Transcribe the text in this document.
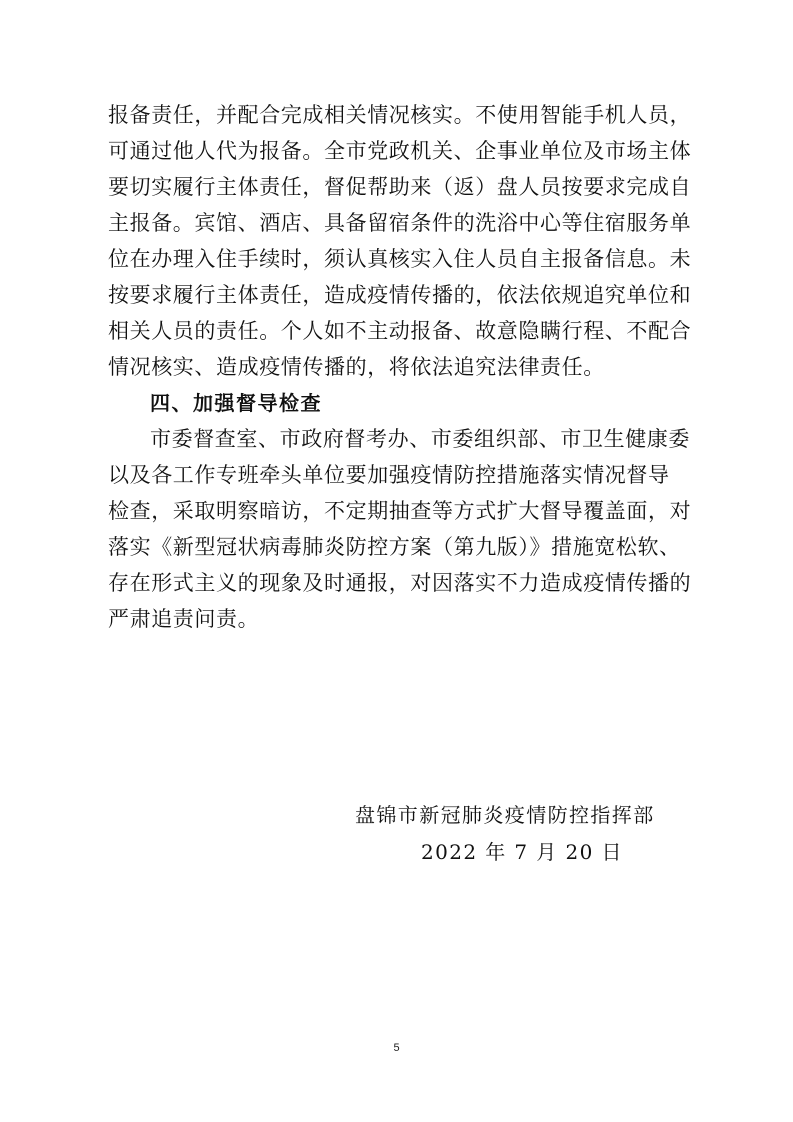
报备责任，并配合完成相关情况核实。不使用智能手机人员，
可通过他人代为报备。全市党政机关、企事业单位及市场主体
要切实履行主体责任，督促帮助来（返）盘人员按要求完成自
主报备。宾馆、酒店、具备留宿条件的洗浴中心等住宿服务单
位在办理入住手续时，须认真核实入住人员自主报备信息。未
按要求履行主体责任，造成疫情传播的，依法依规追究单位和
相关人员的责任。个人如不主动报备、故意隐瞒行程、不配合
情况核实、造成疫情传播的，将依法追究法律责任。
四、加强督导检查
市委督查室、市政府督考办、市委组织部、市卫生健康委
以及各工作专班牵头单位要加强疫情防控措施落实情况督导
检查，采取明察暗访，不定期抽查等方式扩大督导覆盖面，对
落实《新型冠状病毒肺炎防控方案（第九版）》措施宽松软、
存在形式主义的现象及时通报，对因落实不力造成疫情传播的
严肃追责问责。
盘锦市新冠肺炎疫情防控指挥部
2022 年 7 月 20 日
5
